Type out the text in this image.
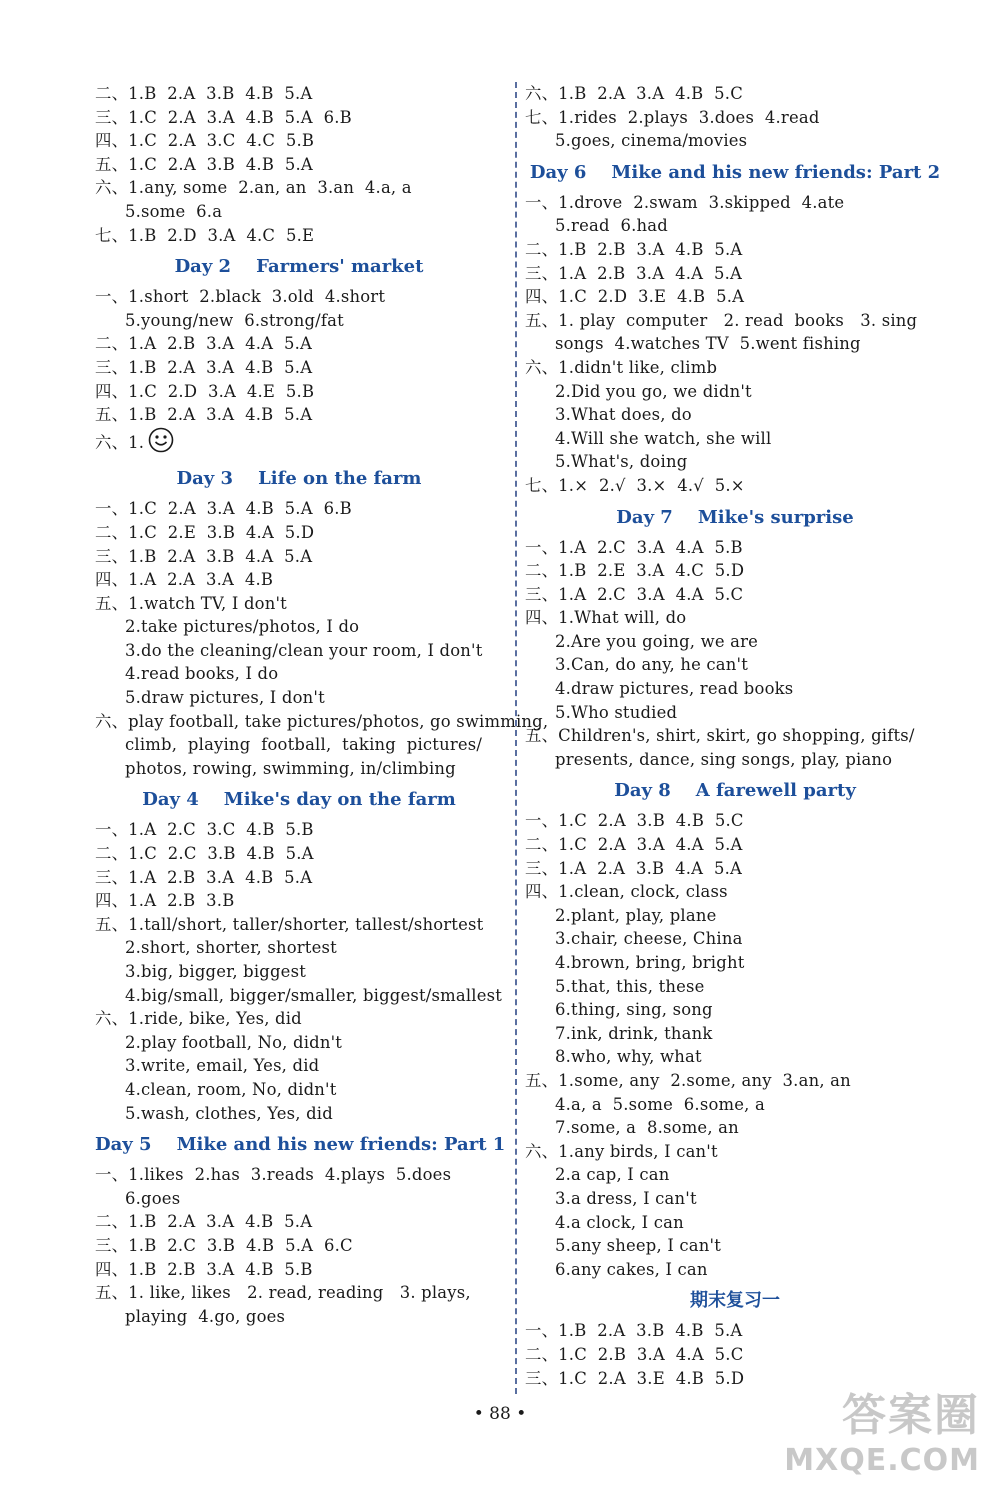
二、1.B  2.A  3.B  4.B  5.A
三、1.C  2.A  3.A  4.B  5.A  6.B
四、1.C  2.A  3.C  4.C  5.B
五、1.C  2.A  3.B  4.B  5.A
六、1.any, some  2.an, an  3.an  4.a, a
5.some  6.a
七、1.B  2.D  3.A  4.C  5.E
Day 2    Farmers' market
一、1.short  2.black  3.old  4.short
5.young/new  6.strong/fat
二、1.A  2.B  3.A  4.A  5.A
三、1.B  2.A  3.A  4.B  5.A
四、1.C  2.D  3.A  4.E  5.B
五、1.B  2.A  3.A  4.B  5.A
六、1.
Day 3    Life on the farm
一、1.C  2.A  3.A  4.B  5.A  6.B
二、1.C  2.E  3.B  4.A  5.D
三、1.B  2.A  3.B  4.A  5.A
四、1.A  2.A  3.A  4.B
五、1.watch TV, I don't
2.take pictures/photos, I do
3.do the cleaning/clean your room, I don't
4.read books, I do
5.draw pictures, I don't
六、play football, take pictures/photos, go swimming,
climb,  playing  football,  taking  pictures/
photos, rowing, swimming, in/climbing
Day 4    Mike's day on the farm
一、1.A  2.C  3.C  4.B  5.B
二、1.C  2.C  3.B  4.B  5.A
三、1.A  2.B  3.A  4.B  5.A
四、1.A  2.B  3.B
五、1.tall/short, taller/shorter, tallest/shortest
2.short, shorter, shortest
3.big, bigger, biggest
4.big/small, bigger/smaller, biggest/smallest
六、1.ride, bike, Yes, did
2.play football, No, didn't
3.write, email, Yes, did
4.clean, room, No, didn't
5.wash, clothes, Yes, did
Day 5    Mike and his new friends: Part 1
一、1.likes  2.has  3.reads  4.plays  5.does
6.goes
二、1.B  2.A  3.A  4.B  5.A
三、1.B  2.C  3.B  4.B  5.A  6.C
四、1.B  2.B  3.A  4.B  5.B
五、1. like, likes   2. read, reading   3. plays,
playing  4.go, goes
六、1.B  2.A  3.A  4.B  5.C
七、1.rides  2.plays  3.does  4.read
5.goes, cinema/movies
Day 6    Mike and his new friends: Part 2
一、1.drove  2.swam  3.skipped  4.ate
5.read  6.had
二、1.B  2.B  3.A  4.B  5.A
三、1.A  2.B  3.A  4.A  5.A
四、1.C  2.D  3.E  4.B  5.A
五、1. play  computer   2. read  books   3. sing
songs  4.watches TV  5.went fishing
六、1.didn't like, climb
2.Did you go, we didn't
3.What does, do
4.Will she watch, she will
5.What's, doing
七、1.×  2.√  3.×  4.√  5.×
Day 7    Mike's surprise
一、1.A  2.C  3.A  4.A  5.B
二、1.B  2.E  3.A  4.C  5.D
三、1.A  2.C  3.A  4.A  5.C
四、1.What will, do
2.Are you going, we are
3.Can, do any, he can't
4.draw pictures, read books
5.Who studied
五、Children's, shirt, skirt, go shopping, gifts/
presents, dance, sing songs, play, piano
Day 8    A farewell party
一、1.C  2.A  3.B  4.B  5.C
二、1.C  2.A  3.A  4.A  5.A
三、1.A  2.A  3.B  4.A  5.A
四、1.clean, clock, class
2.plant, play, plane
3.chair, cheese, China
4.brown, bring, bright
5.that, this, these
6.thing, sing, song
7.ink, drink, thank
8.who, why, what
五、1.some, any  2.some, any  3.an, an
4.a, a  5.some  6.some, a
7.some, a  8.some, an
六、1.any birds, I can't
2.a cap, I can
3.a dress, I can't
4.a clock, I can
5.any sheep, I can't
6.any cakes, I can
期末复习一
一、1.B  2.A  3.B  4.B  5.A
二、1.C  2.B  3.A  4.A  5.C
三、1.C  2.A  3.E  4.B  5.D
• 88 •	答案圈
MXQE.COM
